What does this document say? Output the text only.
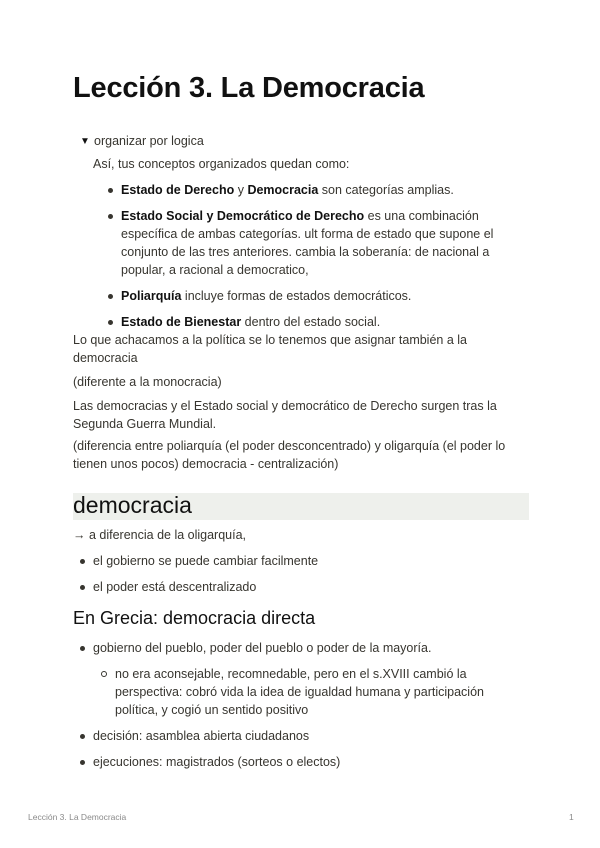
Lección 3. La Democracia
▼ organizar por logica
Así, tus conceptos organizados quedan como:
Estado de Derecho y Democracia son categorías amplias.
Estado Social y Democrático de Derecho es una combinación específica de ambas categorías. ult forma de estado que supone el conjunto de las tres anteriores. cambia la soberanía: de nacional a popular, a racional a democratico,
Poliarquía incluye formas de estados democráticos.
Estado de Bienestar dentro del estado social.
Lo que achacamos a la política se lo tenemos que asignar también a la democracia
(diferente a la monocracia)
Las democracias y el Estado social y democrático de Derecho surgen tras la Segunda Guerra Mundial.
(diferencia entre poliarquía (el poder desconcentrado) y oligarquía (el poder lo tienen unos pocos) democracia - centralización)
democracia
→ a diferencia de la oligarquía,
el gobierno se puede cambiar facilmente
el poder está descentralizado
En Grecia: democracia directa
gobierno del pueblo, poder del pueblo o poder de la mayoría.
no era aconsejable, recomnedable, pero en el s.XVIII cambió la perspectiva: cobró vida la idea de igualdad humana y participación política, y cogió un sentido positivo
decisión: asamblea abierta ciudadanos
ejecuciones: magistrados (sorteos o electos)
Lección 3. La Democracia	1
